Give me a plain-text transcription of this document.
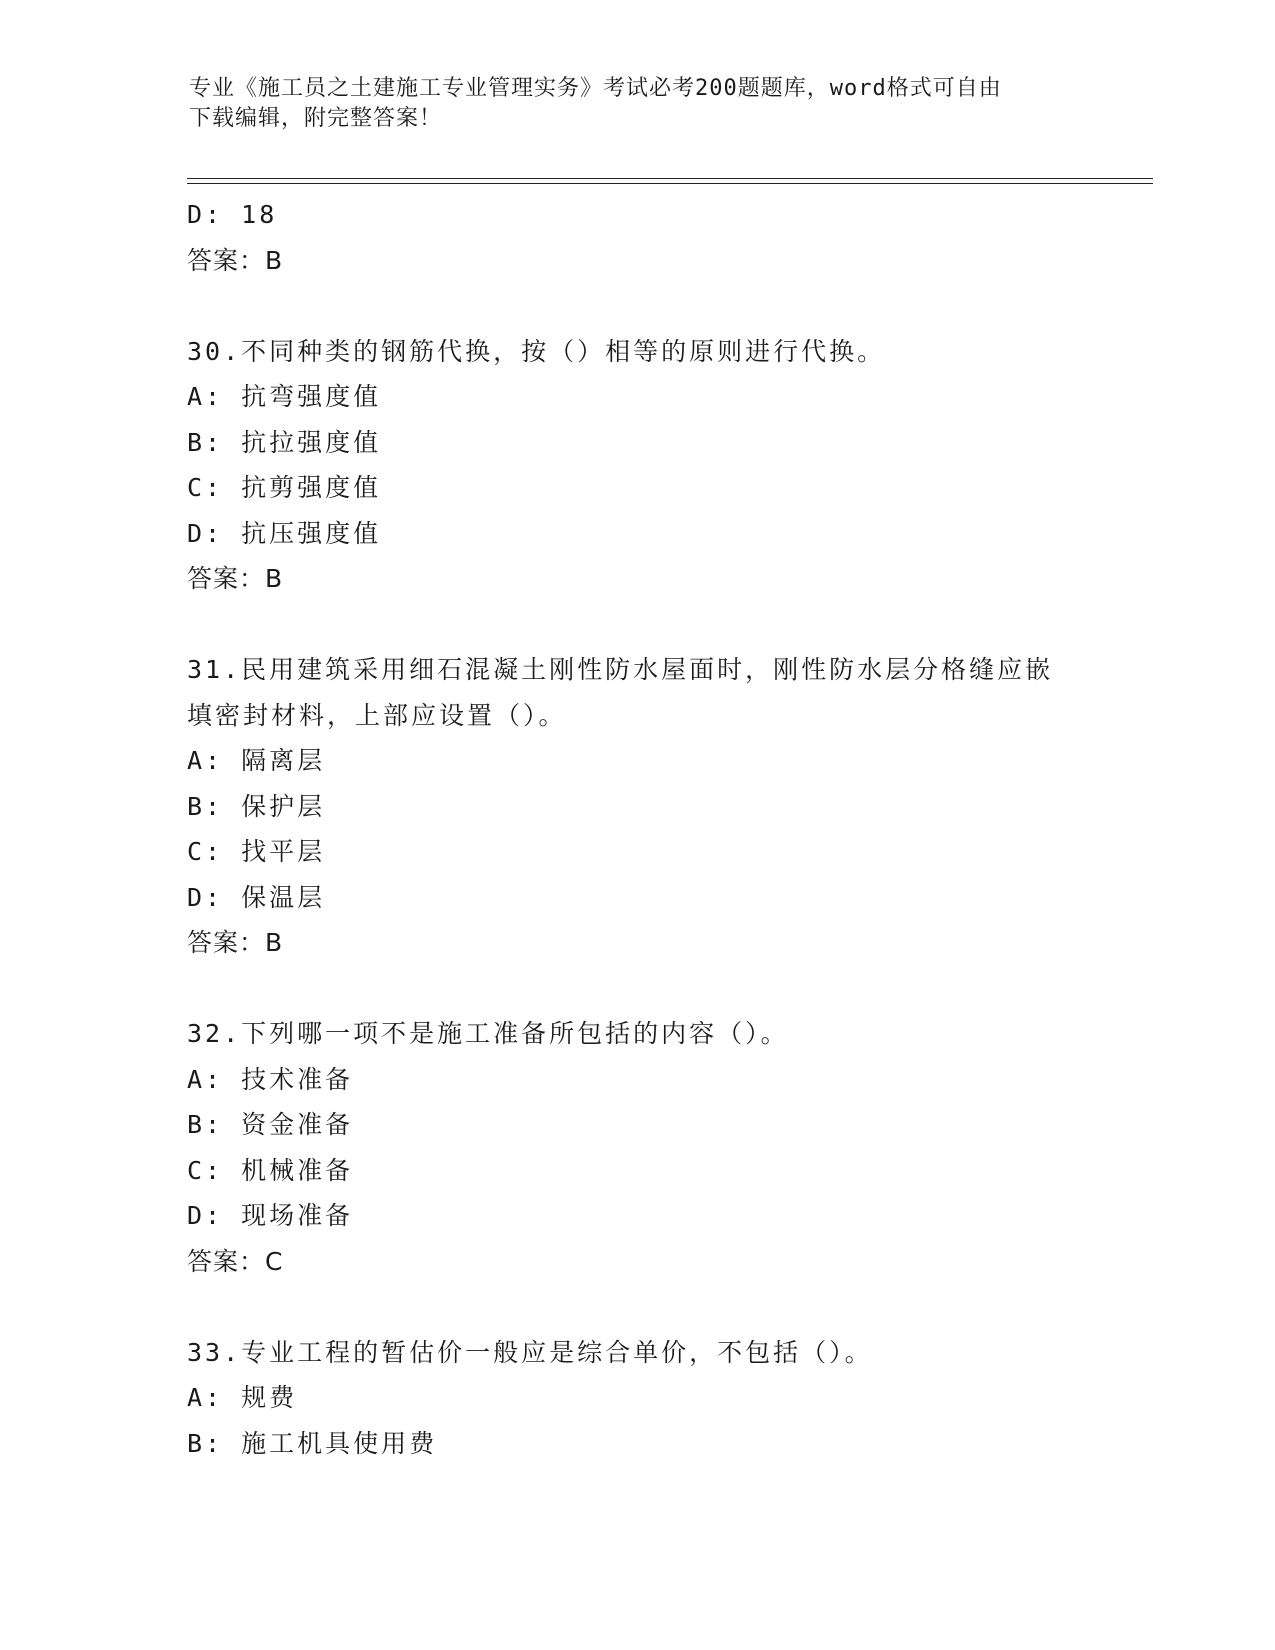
专业《施工员之土建施工专业管理实务》考试必考200题题库，word格式可自由
下载编辑，附完整答案！
D: 18
答案：B
30.不同种类的钢筋代换，按（）相等的原则进行代换。
A: 抗弯强度值
B: 抗拉强度值
C: 抗剪强度值
D: 抗压强度值
答案：B
31.民用建筑采用细石混凝土刚性防水屋面时，刚性防水层分格缝应嵌
填密封材料，上部应设置（）。
A: 隔离层
B: 保护层
C: 找平层
D: 保温层
答案：B
32.下列哪一项不是施工准备所包括的内容（）。
A: 技术准备
B: 资金准备
C: 机械准备
D: 现场准备
答案：C
33.专业工程的暂估价一般应是综合单价，不包括（）。
A: 规费
B: 施工机具使用费
